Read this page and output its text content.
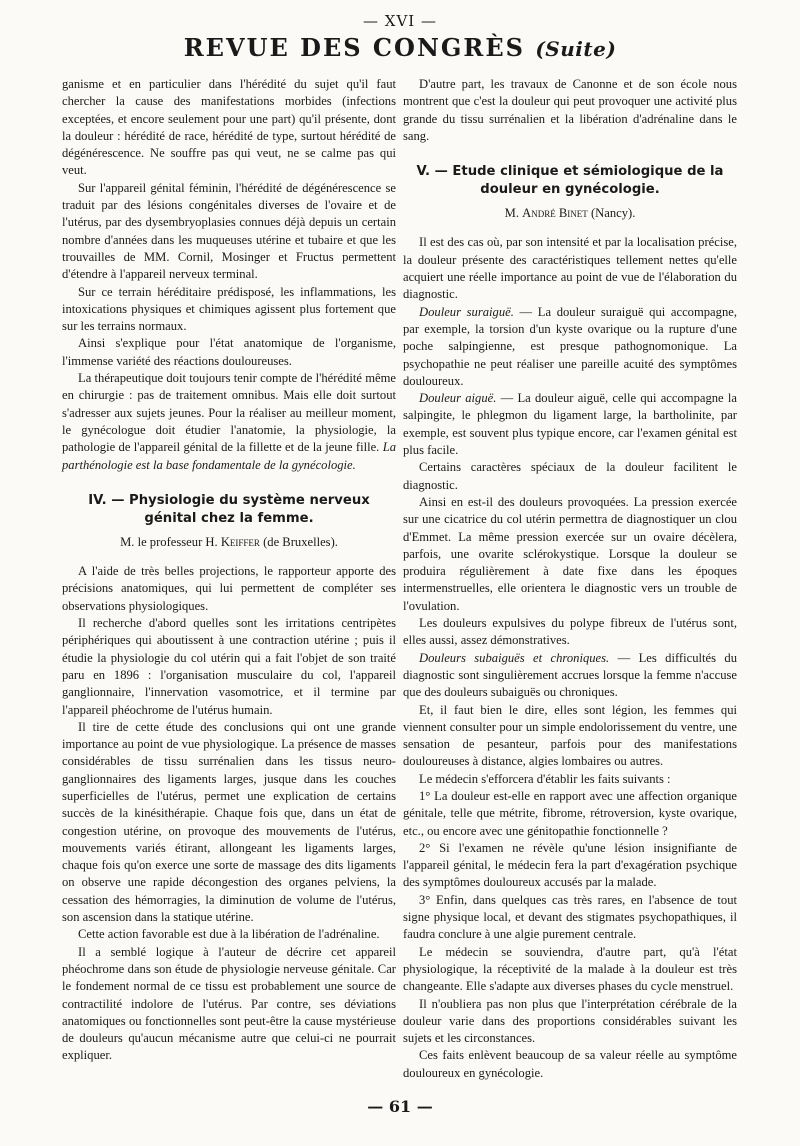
— XVI —
REVUE DES CONGRÈS (Suite)

ganisme et en particulier dans l'hérédité du sujet qu'il faut chercher la cause des manifestations morbides (infections exceptées, et encore seulement pour une part) qu'il présente, dont la douleur : hérédité de race, hérédité de type, surtout hérédité de dégénérescence. Ne souffre pas qui veut, ne se calme pas qui veut.

Sur l'appareil génital féminin, l'hérédité de dégénérescence se traduit par des lésions congénitales diverses de l'ovaire et de l'utérus, par des dysembryoplasies connues déjà depuis un certain nombre d'années dans les muqueuses utérine et tubaire et que les trouvailles de MM. Cornil, Mosinger et Fructus permettent d'étendre à l'appareil nerveux terminal.

Sur ce terrain héréditaire prédisposé, les inflammations, les intoxications physiques et chimiques agissent plus fortement que sur les terrains normaux.

Ainsi s'explique pour l'état anatomique de l'organisme, l'immense variété des réactions douloureuses.

La thérapeutique doit toujours tenir compte de l'hérédité même en chirurgie : pas de traitement omnibus. Mais elle doit surtout s'adresser aux sujets jeunes. Pour la réaliser au meilleur moment, le gynécologue doit étudier l'anatomie, la physiologie, la pathologie de l'appareil génital de la fillette et de la jeune fille. La parthénologie est la base fondamentale de la gynécologie.

IV. — Physiologie du système nerveux génital chez la femme.
M. le professeur H. Keiffer (de Bruxelles).

A l'aide de très belles projections, le rapporteur apporte des précisions anatomiques, qui lui permettent de compléter ses observations physiologiques.

Il recherche d'abord quelles sont les irritations centripètes périphériques qui aboutissent à une contraction utérine ; puis il étudie la physiologie du col utérin qui a fait l'objet de son traité paru en 1896 : l'organisation musculaire du col, l'appareil ganglionnaire, l'innervation vasomotrice, et il termine par l'appareil phéochrome de l'utérus humain.

Il tire de cette étude des conclusions qui ont une grande importance au point de vue physiologique. La présence de masses considérables de tissu surrénalien dans les tissus neuro-ganglionnaires des ligaments larges, jusque dans les couches superficielles de l'utérus, permet une explication de certains succès de la kinésithérapie. Chaque fois que, dans un état de congestion utérine, on provoque des mouvements de l'utérus, mouvements variés étirant, allongeant les ligaments larges, chaque fois qu'on exerce une sorte de massage des dits ligaments on observe une rapide décongestion des organes pelviens, la cessation des hémorragies, la diminution de volume de l'utérus, son ascension dans la statique utérine.

Cette action favorable est due à la libération de l'adrénaline.

Il a semblé logique à l'auteur de décrire cet appareil phéochrome dans son étude de physiologie nerveuse génitale. Car le fondement normal de ce tissu est probablement une source de contractilité indolore de l'utérus. Par contre, ses déviations anatomiques ou fonctionnelles sont peut-être la cause mystérieuse de douleurs qu'aucun mécanisme autre que celui-ci ne pourrait expliquer.

D'autre part, les travaux de Canonne et de son école nous montrent que c'est la douleur qui peut provoquer une activité plus grande du tissu surrénalien et la libération d'adrénaline dans le sang.

V. — Etude clinique et sémiologique de la douleur en gynécologie.
M. André Binet (Nancy).

Il est des cas où, par son intensité et par la localisation précise, la douleur présente des caractéristiques tellement nettes qu'elle acquiert une réelle importance au point de vue de l'élaboration du diagnostic.

Douleur suraiguë. — La douleur suraiguë qui accompagne, par exemple, la torsion d'un kyste ovarique ou la rupture d'une poche salpingienne, est presque pathognomonique. La psychopathie ne peut réaliser une pareille acuité des symptômes douloureux.

Douleur aiguë. — La douleur aiguë, celle qui accompagne la salpingite, le phlegmon du ligament large, la bartholinite, par exemple, est souvent plus typique encore, car l'examen génital est plus facile.

Certains caractères spéciaux de la douleur facilitent le diagnostic.

Ainsi en est-il des douleurs provoquées. La pression exercée sur une cicatrice du col utérin permettra de diagnostiquer un clou d'Emmet. La même pression exercée sur un ovaire décèlera, parfois, une ovarite sclérokystique. Lorsque la douleur se produira régulièrement à date fixe dans les époques intermenstruelles, elle orientera le diagnostic vers un trouble de l'ovulation.

Les douleurs expulsives du polype fibreux de l'utérus sont, elles aussi, assez démonstratives.

Douleurs subaiguës et chroniques. — Les difficultés du diagnostic sont singulièrement accrues lorsque la femme n'accuse que des douleurs subaiguës ou chroniques.

Et, il faut bien le dire, elles sont légion, les femmes qui viennent consulter pour un simple endolorissement du ventre, une sensation de pesanteur, parfois pour des manifestations douloureuses à distance, algies lombaires ou autres.

Le médecin s'efforcera d'établir les faits suivants :

1° La douleur est-elle en rapport avec une affection organique génitale, telle que métrite, fibrome, rétroversion, kyste ovarique, etc., ou encore avec une génitopathie fonctionnelle ?

2° Si l'examen ne révèle qu'une lésion insignifiante de l'appareil génital, le médecin fera la part d'exagération psychique des symptômes douloureux accusés par la malade.

3° Enfin, dans quelques cas très rares, en l'absence de tout signe physique local, et devant des stigmates psychopathiques, il faudra conclure à une algie purement centrale.

Le médecin se souviendra, d'autre part, qu'à l'état physiologique, la réceptivité de la malade à la douleur est très changeante. Elle s'adapte aux diverses phases du cycle menstruel.

Il n'oubliera pas non plus que l'interprétation cérébrale de la douleur varie dans des proportions considérables suivant les sujets et les circonstances.

Ces faits enlèvent beaucoup de sa valeur réelle au symptôme douloureux en gynécologie.

— 61 —
